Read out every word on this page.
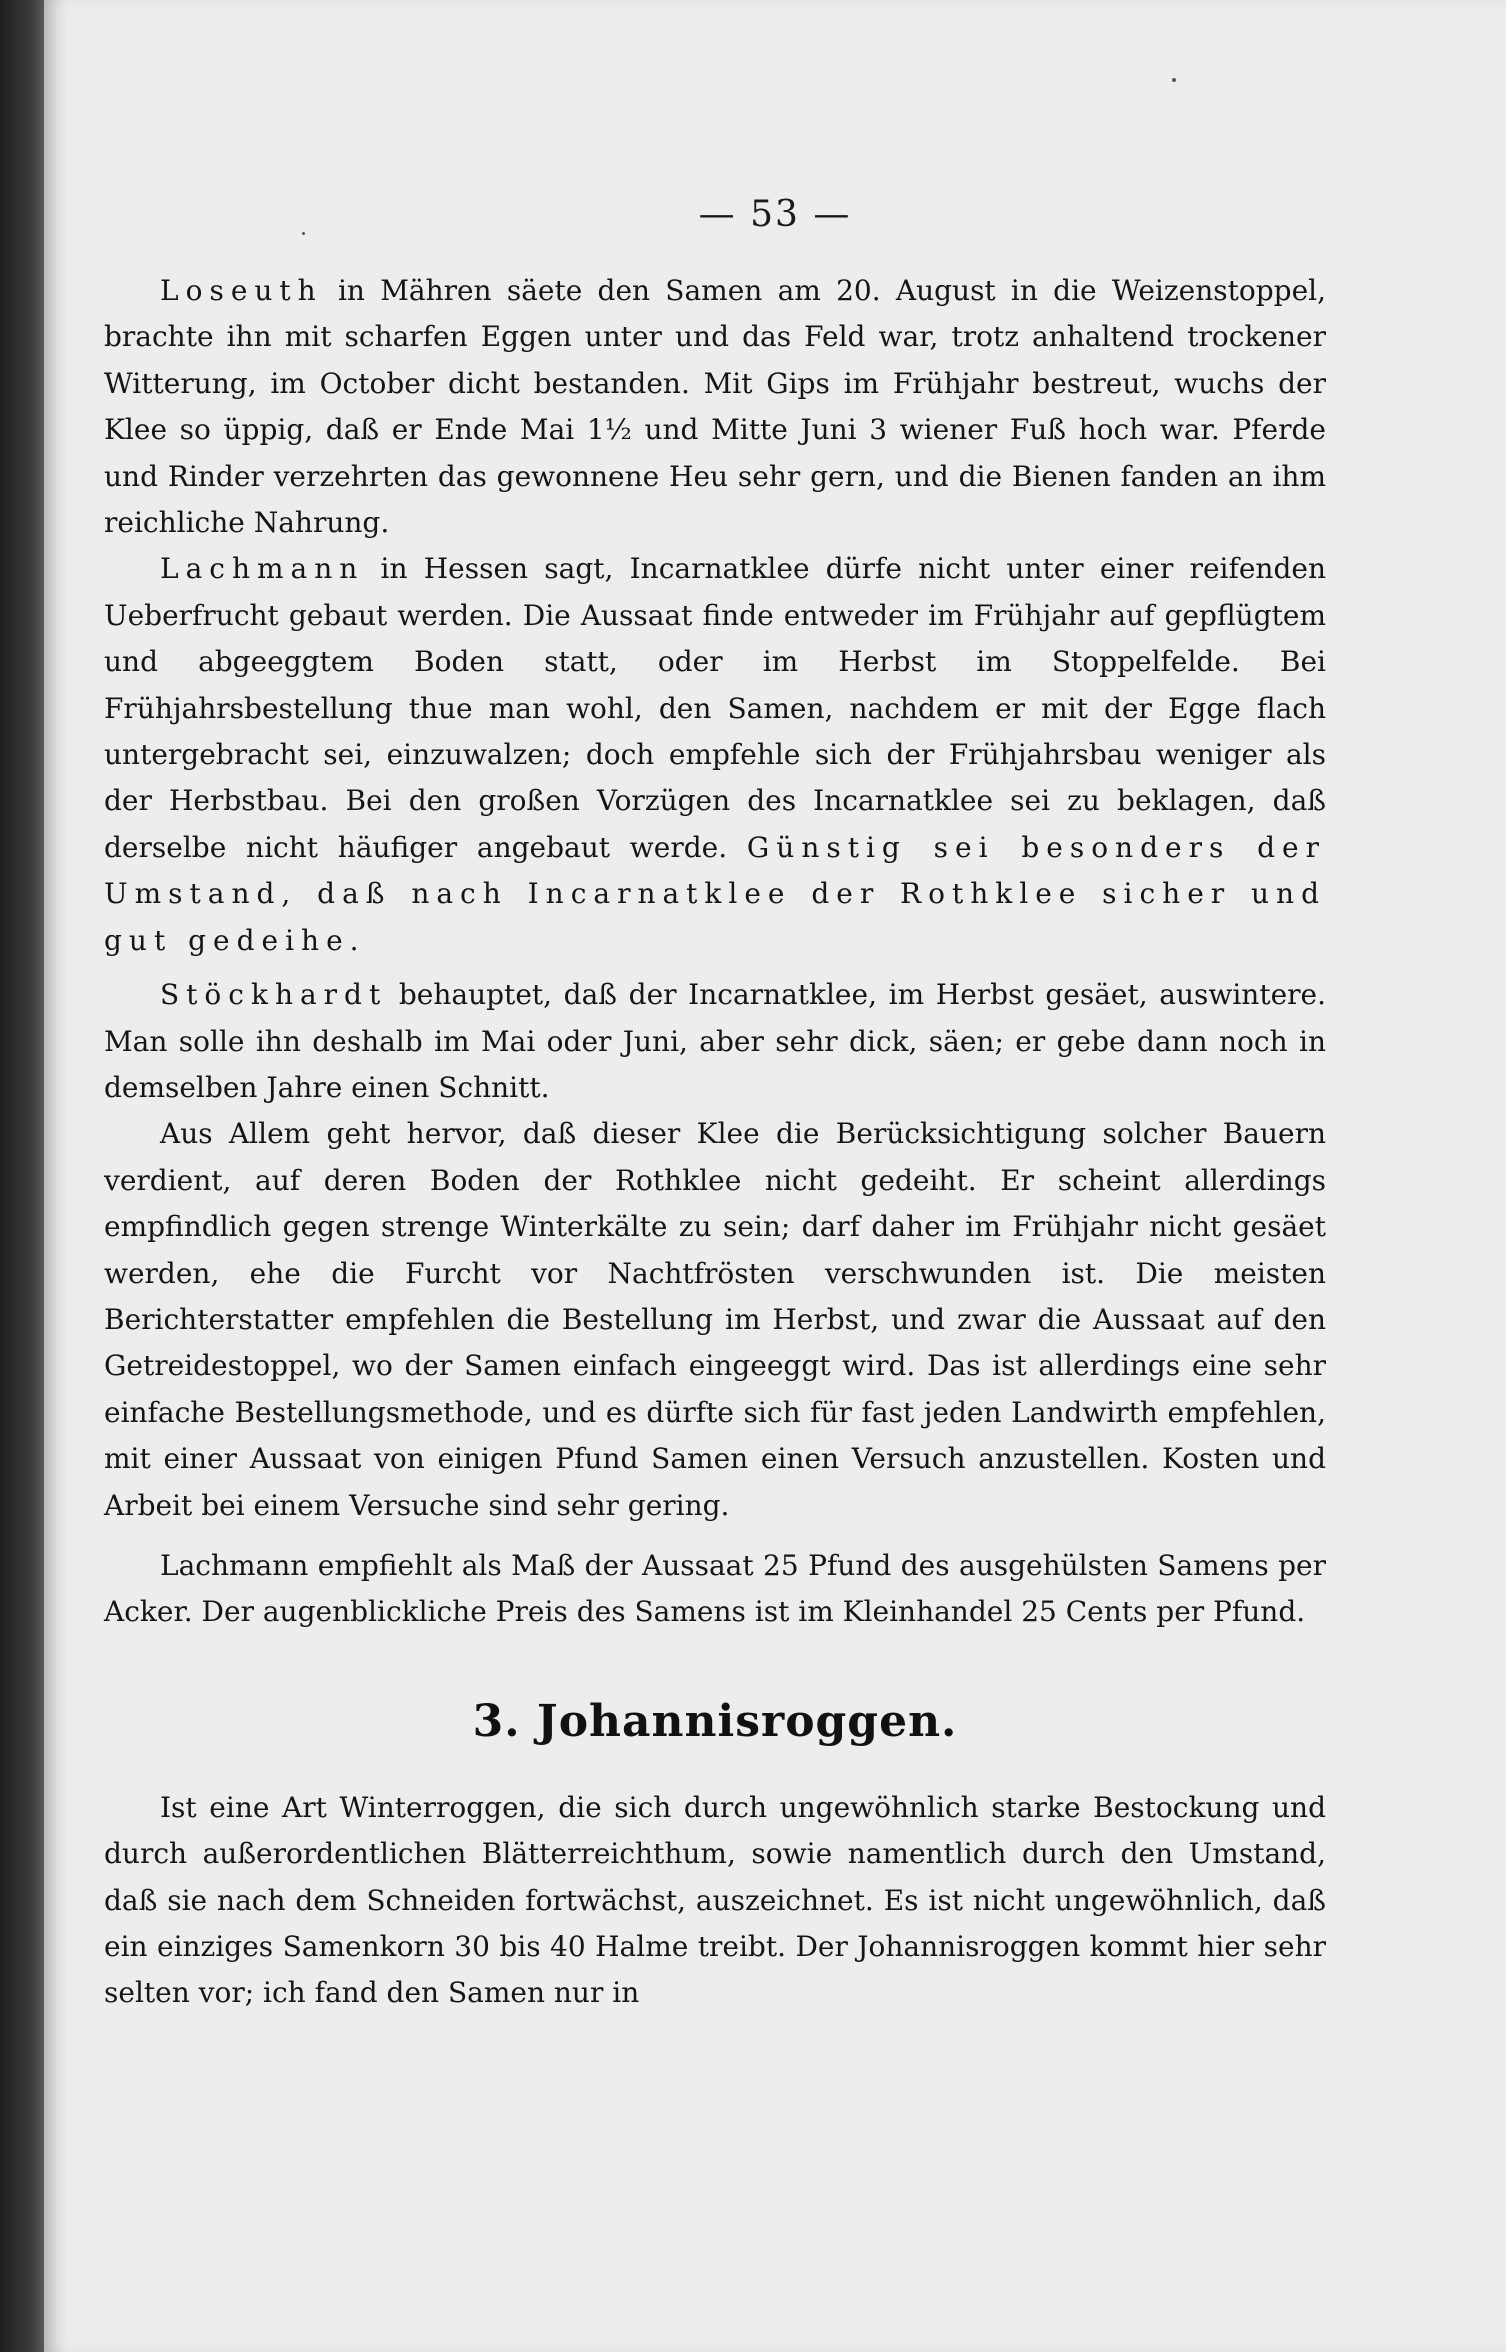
— 53 —

Loseuth in Mähren säete den Samen am 20. August in die Weizenstoppel, brachte ihn mit scharfen Eggen unter und das Feld war, trotz anhaltend trockener Witterung, im October dicht bestanden. Mit Gips im Frühjahr bestreut, wuchs der Klee so üppig, daß er Ende Mai 1½ und Mitte Juni 3 wiener Fuß hoch war. Pferde und Rinder verzehrten das gewonnene Heu sehr gern, und die Bienen fanden an ihm reichliche Nahrung.

Lachmann in Hessen sagt, Incarnatklee dürfe nicht unter einer reifenden Ueberfrucht gebaut werden. Die Aussaat finde entweder im Frühjahr auf gepflügtem und abgeeggtem Boden statt, oder im Herbst im Stoppelfelde. Bei Frühjahrsbestellung thue man wohl, den Samen, nachdem er mit der Egge flach untergebracht sei, einzuwalzen; doch empfehle sich der Frühjahrsbau weniger als der Herbstbau. Bei den großen Vorzügen des Incarnatklee sei zu beklagen, daß derselbe nicht häufiger angebaut werde. Günstig sei besonders der Umstand, daß nach Incarnatklee der Rothklee sicher und gut gedeihe.

Stöckhardt behauptet, daß der Incarnatklee, im Herbst gesäet, auswintere. Man solle ihn deshalb im Mai oder Juni, aber sehr dick, säen; er gebe dann noch in demselben Jahre einen Schnitt.

Aus Allem geht hervor, daß dieser Klee die Berücksichtigung solcher Bauern verdient, auf deren Boden der Rothklee nicht gedeiht. Er scheint allerdings empfindlich gegen strenge Winterkälte zu sein; darf daher im Frühjahr nicht gesäet werden, ehe die Furcht vor Nachtfrösten verschwunden ist. Die meisten Berichterstatter empfehlen die Bestellung im Herbst, und zwar die Aussaat auf den Getreidestoppel, wo der Samen einfach eingeeggt wird. Das ist allerdings eine sehr einfache Bestellungsmethode, und es dürfte sich für fast jeden Landwirth empfehlen, mit einer Aussaat von einigen Pfund Samen einen Versuch anzustellen. Kosten und Arbeit bei einem Versuche sind sehr gering.

Lachmann empfiehlt als Maß der Aussaat 25 Pfund des ausgehülsten Samens per Acker. Der augenblickliche Preis des Samens ist im Kleinhandel 25 Cents per Pfund.

3. Johannisroggen.

Ist eine Art Winterroggen, die sich durch ungewöhnlich starke Bestockung und durch außerordentlichen Blätterreichthum, sowie namentlich durch den Umstand, daß sie nach dem Schneiden fortwächst, auszeichnet. Es ist nicht ungewöhnlich, daß ein einziges Samenkorn 30 bis 40 Halme treibt. Der Johannisroggen kommt hier sehr selten vor; ich fand den Samen nur in
